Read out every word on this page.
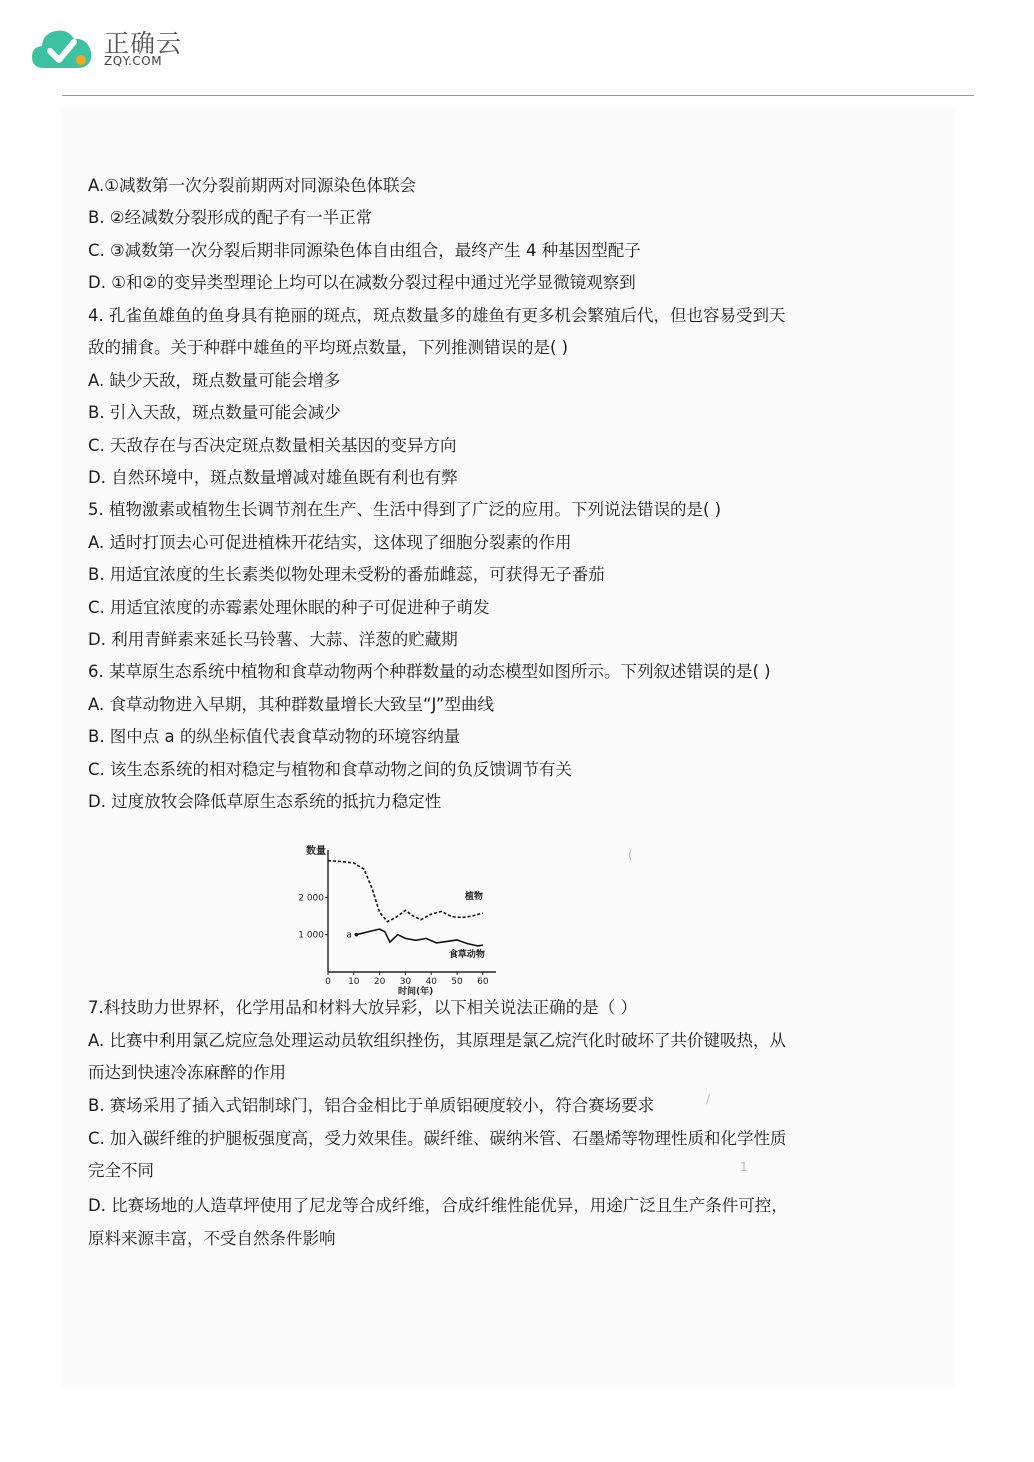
正确云
ZQY.COM
A.①减数第一次分裂前期两对同源染色体联会
B. ②经减数分裂形成的配子有一半正常
C. ③减数第一次分裂后期非同源染色体自由组合，最终产生 4 种基因型配子
D. ①和②的变异类型理论上均可以在减数分裂过程中通过光学显微镜观察到
4. 孔雀鱼雄鱼的鱼身具有艳丽的斑点，斑点数量多的雄鱼有更多机会繁殖后代，但也容易受到天
敌的捕食。关于种群中雄鱼的平均斑点数量，下列推测错误的是( )
A. 缺少天敌，斑点数量可能会增多
B. 引入天敌，斑点数量可能会减少
C. 天敌存在与否决定斑点数量相关基因的变异方向
D. 自然环境中，斑点数量增减对雄鱼既有利也有弊
5. 植物激素或植物生长调节剂在生产、生活中得到了广泛的应用。下列说法错误的是( )
A. 适时打顶去心可促进植株开花结实，这体现了细胞分裂素的作用
B. 用适宜浓度的生长素类似物处理未受粉的番茄雌蕊，可获得无子番茄
C. 用适宜浓度的赤霉素处理休眠的种子可促进种子萌发
D. 利用青鲜素来延长马铃薯、大蒜、洋葱的贮藏期
6. 某草原生态系统中植物和食草动物两个种群数量的动态模型如图所示。下列叙述错误的是( )
A. 食草动物进入早期，其种群数量增长大致呈“J”型曲线
B. 图中点 a 的纵坐标值代表食草动物的环境容纳量
C. 该生态系统的相对稳定与植物和食草动物之间的负反馈调节有关
D. 过度放牧会降低草原生态系统的抵抗力稳定性
7.科技助力世界杯，化学用品和材料大放异彩，以下相关说法正确的是（ ）
A. 比赛中利用氯乙烷应急处理运动员软组织挫伤，其原理是氯乙烷汽化时破坏了共价键吸热，从
而达到快速冷冻麻醉的作用
B. 赛场采用了插入式铝制球门，铝合金相比于单质铝硬度较小，符合赛场要求
C. 加入碳纤维的护腿板强度高，受力效果佳。碳纤维、碳纳米管、石墨烯等物理性质和化学性质
完全不同
D. 比赛场地的人造草坪使用了尼龙等合成纤维，合成纤维性能优异，用途广泛且生产条件可控，
原料来源丰富，不受自然条件影响
数量
时间(年)
0 10 20 30 40 50 60
1 000
2 000	植物
食草动物
a
(
/
1
